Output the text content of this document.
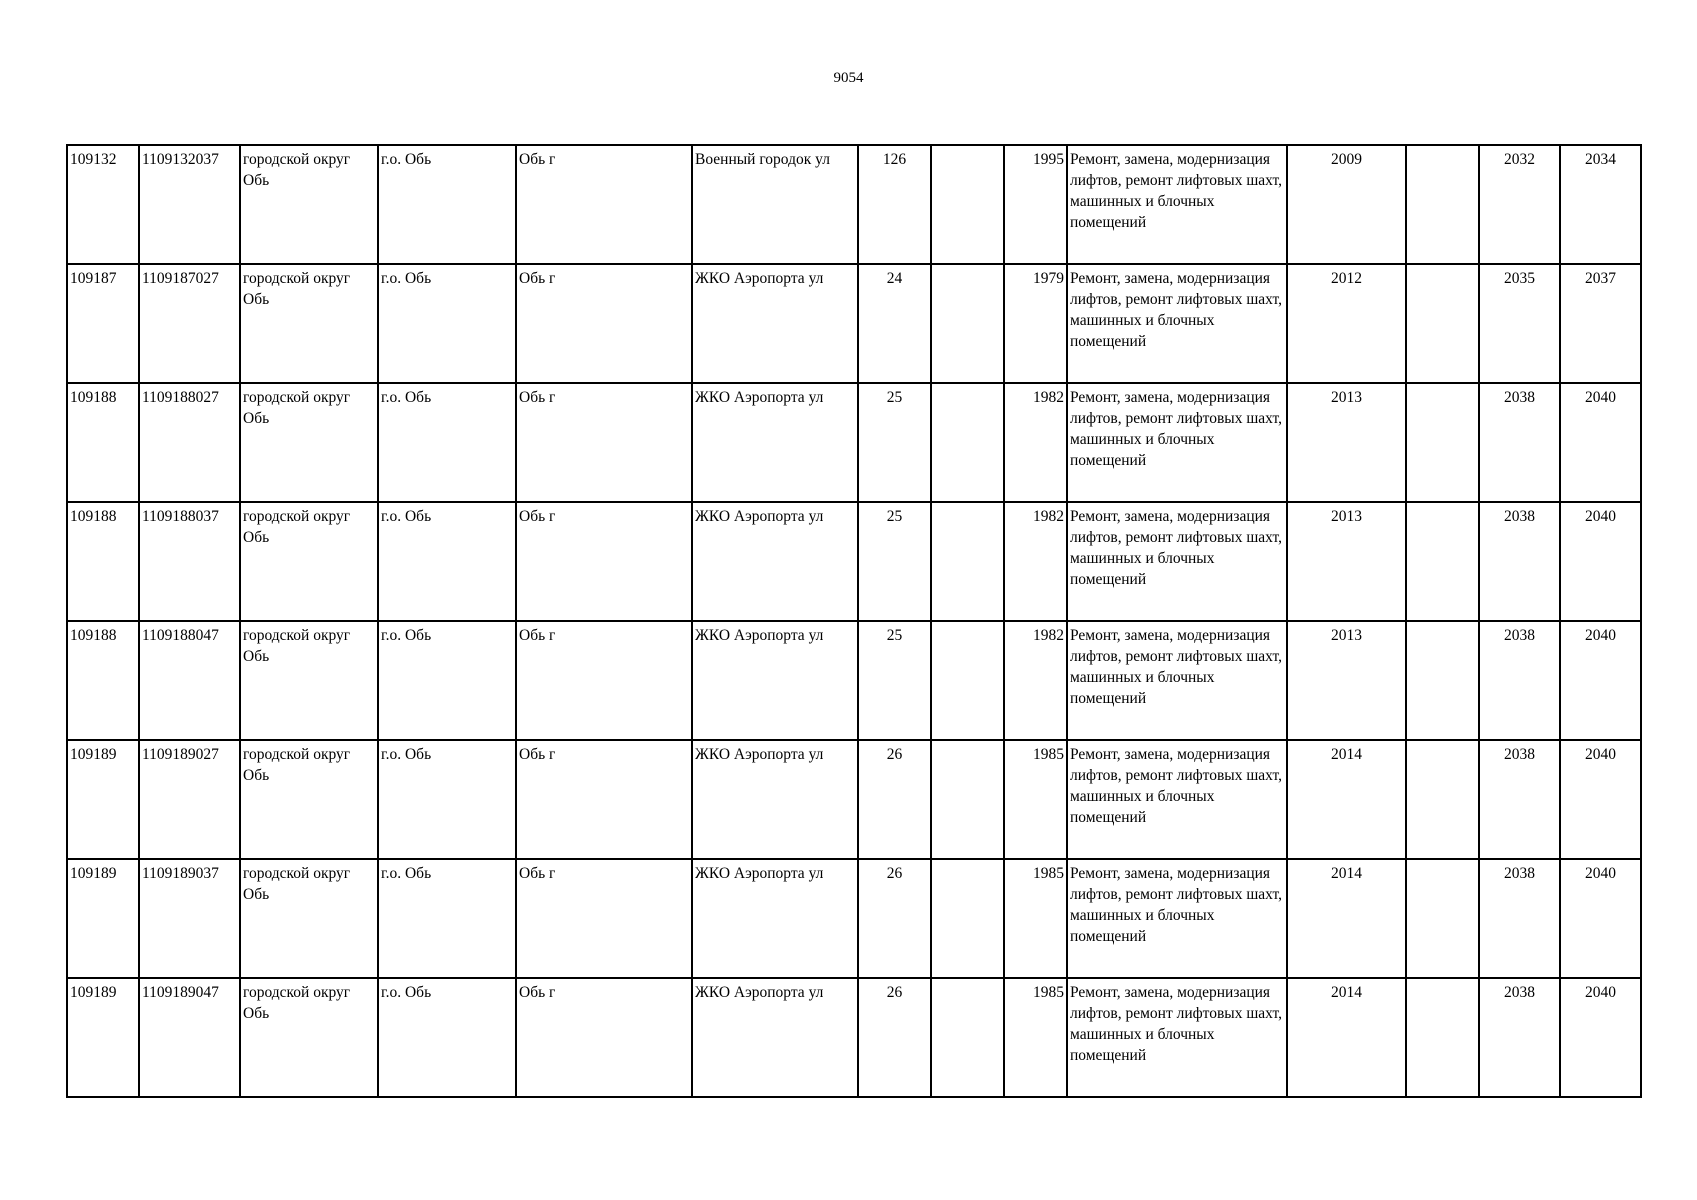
9054
109132	1109132037	городской округ Обь	г.о. Обь	Обь г	Военный городок ул	126		1995	Ремонт, замена, модернизация лифтов, ремонт лифтовых шахт, машинных и блочных помещений	2009		2032	2034
109187	1109187027	городской округ Обь	г.о. Обь	Обь г	ЖКО Аэропорта ул	24		1979	Ремонт, замена, модернизация лифтов, ремонт лифтовых шахт, машинных и блочных помещений	2012		2035	2037
109188	1109188027	городской округ Обь	г.о. Обь	Обь г	ЖКО Аэропорта ул	25		1982	Ремонт, замена, модернизация лифтов, ремонт лифтовых шахт, машинных и блочных помещений	2013		2038	2040
109188	1109188037	городской округ Обь	г.о. Обь	Обь г	ЖКО Аэропорта ул	25		1982	Ремонт, замена, модернизация лифтов, ремонт лифтовых шахт, машинных и блочных помещений	2013		2038	2040
109188	1109188047	городской округ Обь	г.о. Обь	Обь г	ЖКО Аэропорта ул	25		1982	Ремонт, замена, модернизация лифтов, ремонт лифтовых шахт, машинных и блочных помещений	2013		2038	2040
109189	1109189027	городской округ Обь	г.о. Обь	Обь г	ЖКО Аэропорта ул	26		1985	Ремонт, замена, модернизация лифтов, ремонт лифтовых шахт, машинных и блочных помещений	2014		2038	2040
109189	1109189037	городской округ Обь	г.о. Обь	Обь г	ЖКО Аэропорта ул	26		1985	Ремонт, замена, модернизация лифтов, ремонт лифтовых шахт, машинных и блочных помещений	2014		2038	2040
109189	1109189047	городской округ Обь	г.о. Обь	Обь г	ЖКО Аэропорта ул	26		1985	Ремонт, замена, модернизация лифтов, ремонт лифтовых шахт, машинных и блочных помещений	2014		2038	2040
